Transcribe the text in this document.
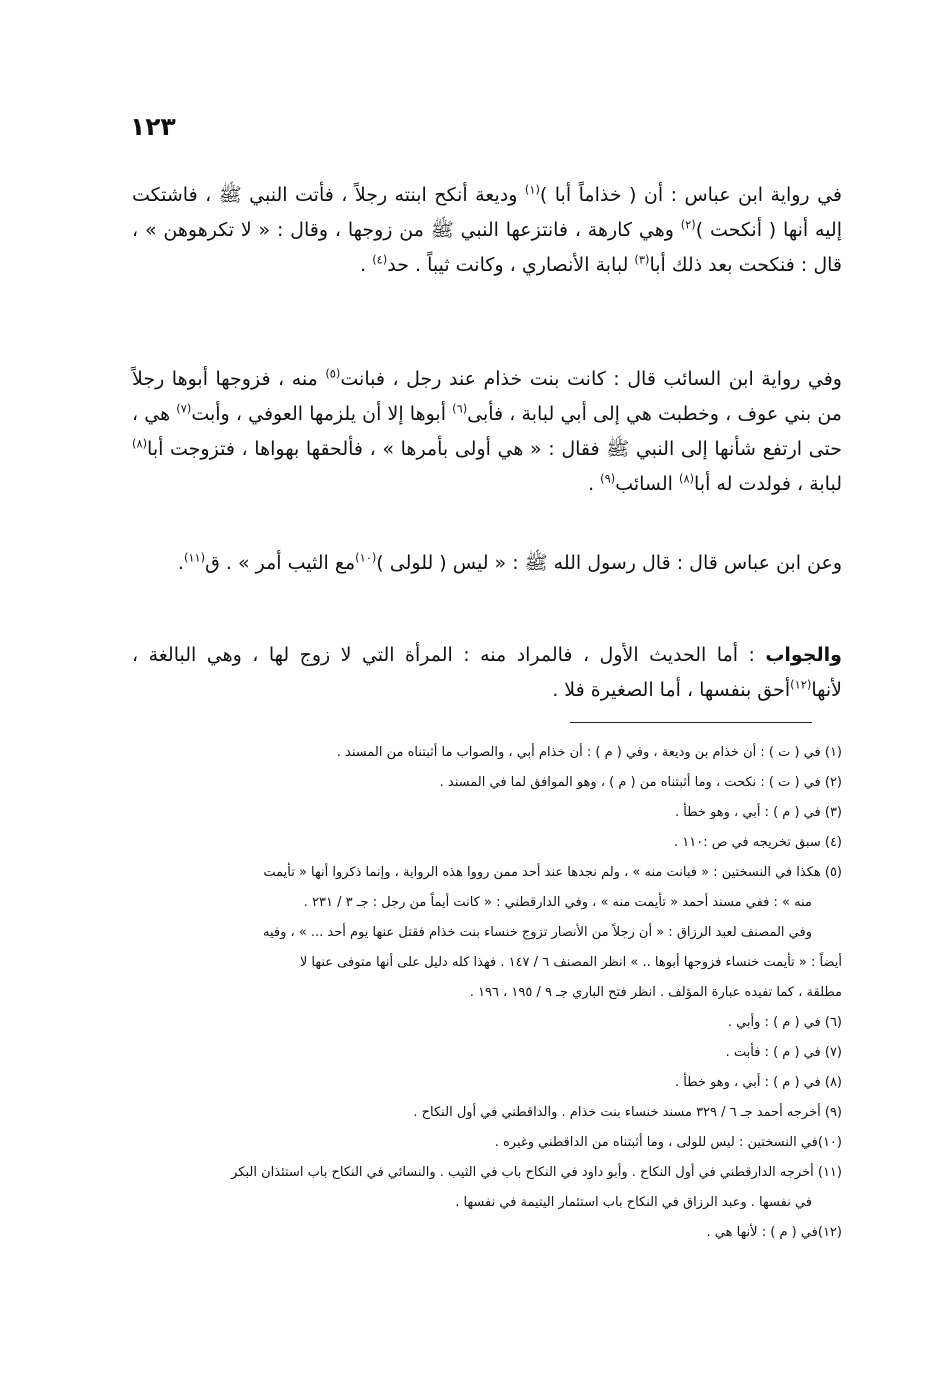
١٢٣

في رواية ابن عباس : أن ( خذاماً أبا )$^{(١)}$ وديعة أنكح ابنته رجلاً ، فأتت النبي ﷺ ، فاشتكت إليه أنها ( أنكحت )$^{(٢)}$ وهي كارهة ، فانتزعها النبي ﷺ من زوجها ، وقال : « لا تكرهوهن » ، قال : فنكحت بعد ذلك أبا$^{(٣)}$ لبابة الأنصاري ، وكانت ثيباً . حد$^{(٤)}$ .

وفي رواية ابن السائب قال : كانت بنت خذام عند رجل ، فبانت$^{(٥)}$ منه ، فزوجها أبوها رجلاً من بني عوف ، وخطبت هي إلى أبي لبابة ، فأبى$^{(٦)}$ أبوها إلا أن يلزمها العوفي ، وأبت$^{(٧)}$ هي ، حتى ارتفع شأنها إلى النبي ﷺ فقال : « هي أولى بأمرها » ، فألحقها بهواها ، فتزوجت أبا$^{(٨)}$ لبابة ، فولدت له أبا$^{(٨)}$ السائب$^{(٩)}$ .

وعن ابن عباس قال : قال رسول الله ﷺ : « ليس ( للولى )$^{(١٠)}$مع الثيب أمر » . ق$^{(١١)}$.

والجواب : أما الحديث الأول ، فالمراد منه : المرأة التي لا زوج لها ، وهي البالغة ، لأنها$^{(١٢)}$أحق بنفسها ، أما الصغيرة فلا .

(١) في ( ت ) : أن خذام بن وديعة ، وفي ( م ) : أن خذام أبي ، والصواب ما أثبتناه من المسند .

(٢) في ( ت ) : نكحت ، وما أثبتناه من ( م ) ، وهو الموافق لما في المسند .

(٣) في ( م ) : أبي ، وهو خطأ .

(٤) سبق تخريجه في ص :١١٠ .

(٥) هكذا في النسختين : « فبانت منه » ، ولم نجدها عند أحد ممن رووا هذه الرواية ، وإنما ذكروا أنها « تأيمت

منه » : ففي مسند أحمد « تأيمت منه » ، وفي الدارقطني : « كانت أيماً من رجل : جـ ٣ / ٢٣١ .

وفي المصنف لعبد الرزاق : « أن رجلاً من الأنصار تزوج خنساء بنت خذام فقتل عنها يوم أحد ... » ، وفيه

أيضاً : « تأيمت خنساء فزوجها أبوها .. » انظر المصنف ٦ / ١٤٧ . فهذا كله دليل على أنها متوفى عنها لا

مطلقة ، كما تفيده عبارة المؤلف . انظر فتح الباري جـ ٩ / ١٩٥ ، ١٩٦ .

(٦) في ( م ) : وأبي .

(٧) في ( م ) : فأبت .

(٨) في ( م ) : أبي ، وهو خطأ .

(٩) أخرجه أحمد جـ ٦ / ٣٢٩ مسند خنساء بنت خذام . والداقطني في أول النكاح .

(١٠)في النسختين : ليس للولى ، وما أثبتناه من الداقطني وغيره .

(١١) أخرجه الدارقطني في أول النكاح . وأبو داود في النكاح باب في الثيب . والنسائي في النكاح باب استئذان البكر

في نفسها . وعبد الرزاق في النكاح باب استئمار اليتيمة في نفسها .

(١٢)في ( م ) : لأنها هي .
